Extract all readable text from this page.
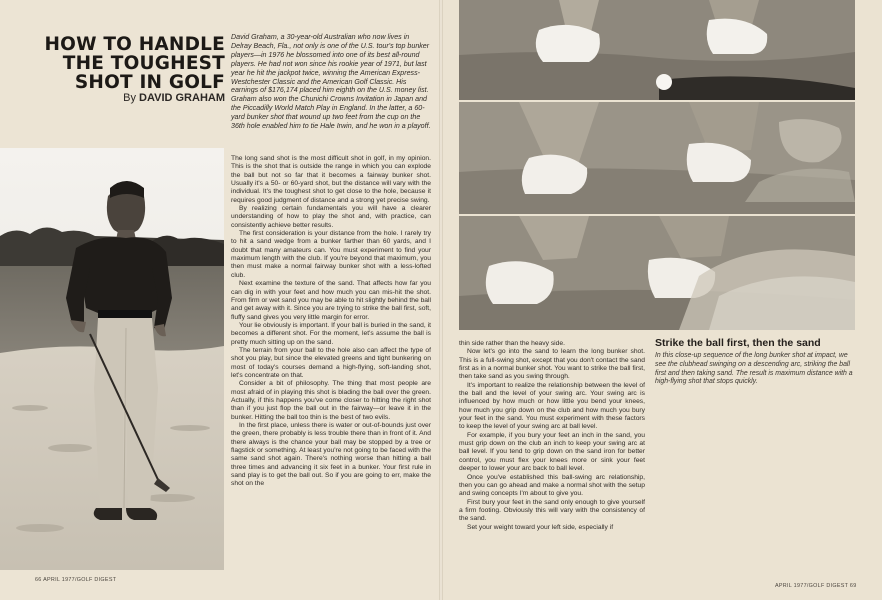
HOW TO HANDLE THE TOUGHEST SHOT IN GOLF
By DAVID GRAHAM
David Graham, a 30-year-old Australian who now lives in Delray Beach, Fla., not only is one of the U.S. tour's top bunker players—in 1976 he blossomed into one of its best all-round players. He had not won since his rookie year of 1971, but last year he hit the jackpot twice, winning the American Express-Westchester Classic and the American Golf Classic. His earnings of $176,174 placed him eighth on the U.S. money list. Graham also won the Chunichi Crowns Invitation in Japan and the Piccadilly World Match Play in England. In the latter, a 60-yard bunker shot that wound up two feet from the cup on the 36th hole enabled him to tie Hale Irwin, and he won in a playoff.

The long sand shot is the most difficult shot in golf, in my opinion. This is the shot that is outside the range in which you can explode the ball but not so far that it becomes a fairway bunker shot. Usually it's a 50- or 60-yard shot, but the distance will vary with the individual. It's the toughest shot to get close to the hole, because it requires good judgment of distance and a strong yet precise swing.

By realizing certain fundamentals you will have a clearer understanding of how to play the shot and, with practice, can consistently achieve better results.

The first consideration is your distance from the hole. I rarely try to hit a sand wedge from a bunker farther than 60 yards, and I doubt that many amateurs can. You must experiment to find your maximum length with the club. If you're beyond that maximum, you then must make a normal fairway bunker shot with a less-lofted club.

Next examine the texture of the sand. That affects how far you can dig in with your feet and how much you can mis-hit the shot. From firm or wet sand you may be able to hit slightly behind the ball and get away with it. Since you are trying to strike the ball first, soft, fluffy sand gives you very little margin for error.

Your lie obviously is important. If your ball is buried in the sand, it becomes a different shot. For the moment, let's assume the ball is pretty much sitting up on the sand.

The terrain from your ball to the hole also can affect the type of shot you play, but since the elevated greens and tight bunkering on most of today's courses demand a high-flying, soft-landing shot, let's concentrate on that.

Consider a bit of philosophy. The thing that most people are most afraid of in playing this shot is blading the ball over the green. Actually, if this happens you've come closer to hitting the right shot than if you just flop the ball out in the fairway—or leave it in the bunker. Hitting the ball too thin is the best of two evils.

In the first place, unless there is water or out-of-bounds just over the green, there probably is less trouble there than in front of it. And there always is the chance your ball may be stopped by a tree or flagstick or something. At least you're not going to be faced with the same sand shot again. There's nothing worse than hitting a ball three times and advancing it six feet in a bunker. Your first rule in sand play is to get the ball out. So if you are going to err, make the shot on the

thin side rather than the heavy side.

Now let's go into the sand to learn the long bunker shot. This is a full-swing shot, except that you don't contact the sand first as in a normal bunker shot. You want to strike the ball first, then take sand as you swing through.

It's important to realize the relationship between the level of the ball and the level of your swing arc. Your swing arc is influenced by how much or how little you bend your knees, how much you grip down on the club and how much you bury your feet in the sand. You must experiment with these factors to keep the level of your swing arc at ball level.

For example, if you bury your feet an inch in the sand, you must grip down on the club an inch to keep your swing arc at ball level. If you tend to grip down on the sand iron for better control, you must flex your knees more or sink your feet deeper to lower your arc back to ball level.

Once you've established this ball-swing arc relationship, then you can go ahead and make a normal shot with the setup and swing concepts I'm about to give you.

First bury your feet in the sand only enough to give yourself a firm footing. Obviously this will vary with the consistency of the sand.

Set your weight toward your left side, especially if

Strike the ball first, then the sand
In this close-up sequence of the long bunker shot at impact, we see the clubhead swinging on a descending arc, striking the ball first and then taking sand. The result is maximum distance with a high-flying shot that stops quickly.
66 APRIL 1977/GOLF DIGEST
APRIL 1977/GOLF DIGEST 69
